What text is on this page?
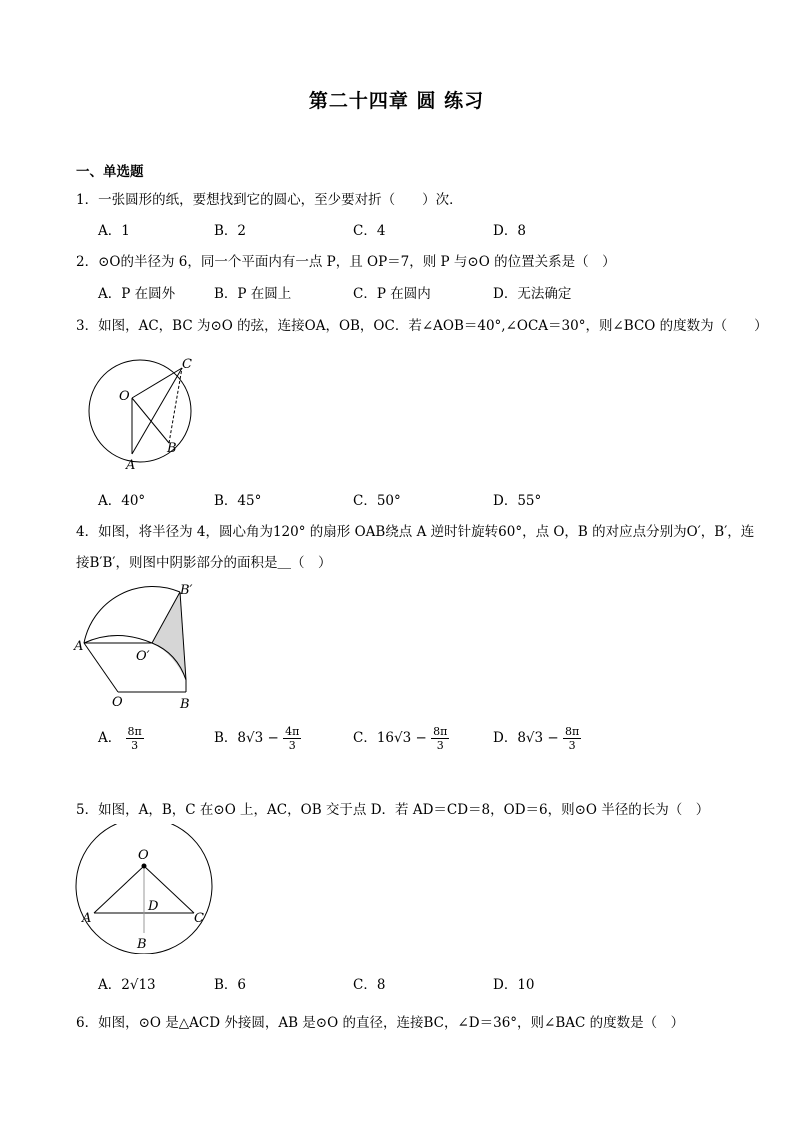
第二十四章 圆 练习
一、单选题
1．一张圆形的纸，要想找到它的圆心，至少要对折（　　）次．
A．1	B．2	C．4	D．8
2．⊙O的半径为 6，同一个平面内有一点 P，且 OP＝7，则 P 与⊙O 的位置关系是（　）
A．P 在圆外	B．P 在圆上	C．P 在圆内	D．无法确定
3．如图，AC，BC 为⊙O 的弦，连接OA，OB，OC．若∠AOB＝40°,∠OCA＝30°，则∠BCO 的度数为（　　）
C
O
B
A
A．40°	B．45°	C．50°	D．55°
4．如图，将半径为 4，圆心角为120° 的扇形 OAB绕点 A 逆时针旋转60°，点 O，B 的对应点分别为O′，B′，连
接B′B′，则图中阴影部分的面积是＿（　）
B′
A
O′
O	B
A． $\frac{8\pi}{3}$	B．$8√3 - \frac{4\pi}{3}$	C．$16√3 - \frac{8\pi}{3}$	D．$8√3 - \frac{8\pi}{3}$
5．如图，A，B，C 在⊙O 上，AC，OB 交于点 D．若 AD＝CD＝8，OD＝6，则⊙O 半径的长为（　）
O
D
A	C
B
A．2√13	B．6	C．8	D．10
6．如图，⊙O 是△ACD 外接圆，AB 是⊙O 的直径，连接BC，∠D＝36°，则∠BAC 的度数是（　）
